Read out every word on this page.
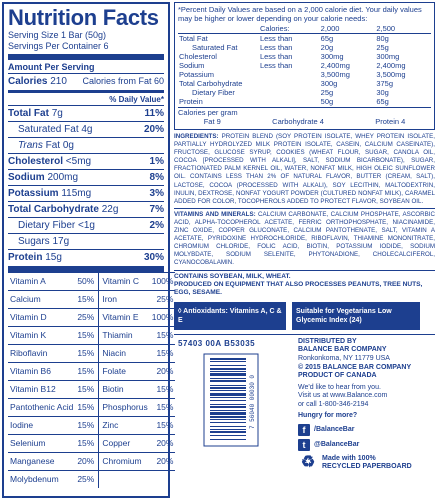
Nutrition Facts
Serving Size 1 Bar (50g)
Servings Per Container 6
Amount Per Serving
Calories 210 Calories from Fat 60
% Daily Value*
Total Fat 7g	11%
Saturated Fat 4g	20%
Trans Fat 0g
Cholesterol <5mg	1%
Sodium 200mg	8%
Potassium 115mg	3%
Total Carbohydrate 22g	7%
Dietary Fiber <1g	2%
Sugars 17g
Protein 15g	30%
Vitamin A	50%	Vitamin C	100%
Calcium	15%	Iron	25%
Vitamin D	25%	Vitamin E	100%
Vitamin K	15%	Thiamin	15%
Riboflavin	15%	Niacin	15%
Vitamin B6	15%	Folate	20%
Vitamin B12	15%	Biotin	15%
Pantothenic Acid	15%	Phosphorus	15%
Iodine	15%	Zinc	15%
Selenium	15%	Copper	20%
Manganese	20%	Chromium	20%
Molybdenum	25%		
*Percent Daily Values are based on a 2,000 calorie diet. Your daily values may be higher or lower depending on your calorie needs:
	Calories:	2,000	2,500
Total Fat	Less than	65g	80g
Saturated Fat	Less than	20g	25g
Cholesterol	Less than	300mg	300mg
Sodium	Less than	2,400mg	2,400mg
Potassium		3,500mg	3,500mg
Total Carbohydrate		300g	375g
Dietary Fiber		25g	30g
Protein		50g	65g
Calories per gram
Fat 9	Carbohydrate 4	Protein 4
INGREDIENTS: PROTEIN BLEND (SOY PROTEIN ISOLATE, WHEY PROTEIN ISOLATE, PARTIALLY HYDROLYZED MILK PROTEIN ISOLATE, CASEIN, CALCIUM CASEINATE), FRUCTOSE, GLUCOSE SYRUP, COOKIES (WHEAT FLOUR, SUGAR, CANOLA OIL, COCOA [PROCESSED WITH ALKALI], SALT, SODIUM BICARBONATE), SUGAR, FRACTIONATED PALM KERNEL OIL, WATER, NONFAT MILK, HIGH OLEIC SUNFLOWER OIL. CONTAINS LESS THAN 2% OF NATURAL FLAVOR, BUTTER (CREAM, SALT), LACTOSE, COCOA (PROCESSED WITH ALKALI), SOY LECITHIN, MALTODEXTRIN, INULIN, DEXTROSE, NONFAT YOGURT POWDER (CULTURED NONFAT MILK), CARAMEL ADDED FOR COLOR, TOCOPHEROLS ADDED TO PROTECT FLAVOR, SOYBEAN OIL.
VITAMINS AND MINERALS: CALCIUM CARBONATE, CALCIUM PHOSPHATE, ASCORBIC ACID, ALPHA-TOCOPHEROL ACETATE, FERRIC ORTHOPHOSPHATE, NIACINAMIDE, ZINC OXIDE, COPPER GLUCONATE, CALCIUM PANTOTHENATE, SALT, VITAMIN A ACETATE, PYRIDOXINE HYDROCHLORIDE, RIBOFLAVIN, THIAMINE MONONITRATE, CHROMIUM CHLORIDE, FOLIC ACID, BIOTIN, POTASSIUM IODIDE, SODIUM MOLYBDATE, SODIUM SELENITE, PHYTONADIONE, CHOLECALCIFEROL, CYANOCOBALAMIN.
CONTAINS SOYBEAN, MILK, WHEAT.
PRODUCED ON EQUIPMENT THAT ALSO PROCESSES PEANUTS, TREE NUTS, EGG, SESAME.
◊ Antioxidants: Vitamins A, C & E
Suitable for Vegetarians Low Glycemic Index (24)
57403 00A B53035
7 56040 00030 0
DISTRIBUTED BY
BALANCE BAR COMPANY
Ronkonkoma, NY 11779 USA
© 2015 BALANCE BAR COMPANY
PRODUCT OF CANADA
We'd like to hear from you.
Visit us at www.Balance.com
or call 1-800-346-2194
Hungry for more?
f	/BalanceBar
t	@BalanceBar
♻ Made with 100%
RECYCLED PAPERBOARD
